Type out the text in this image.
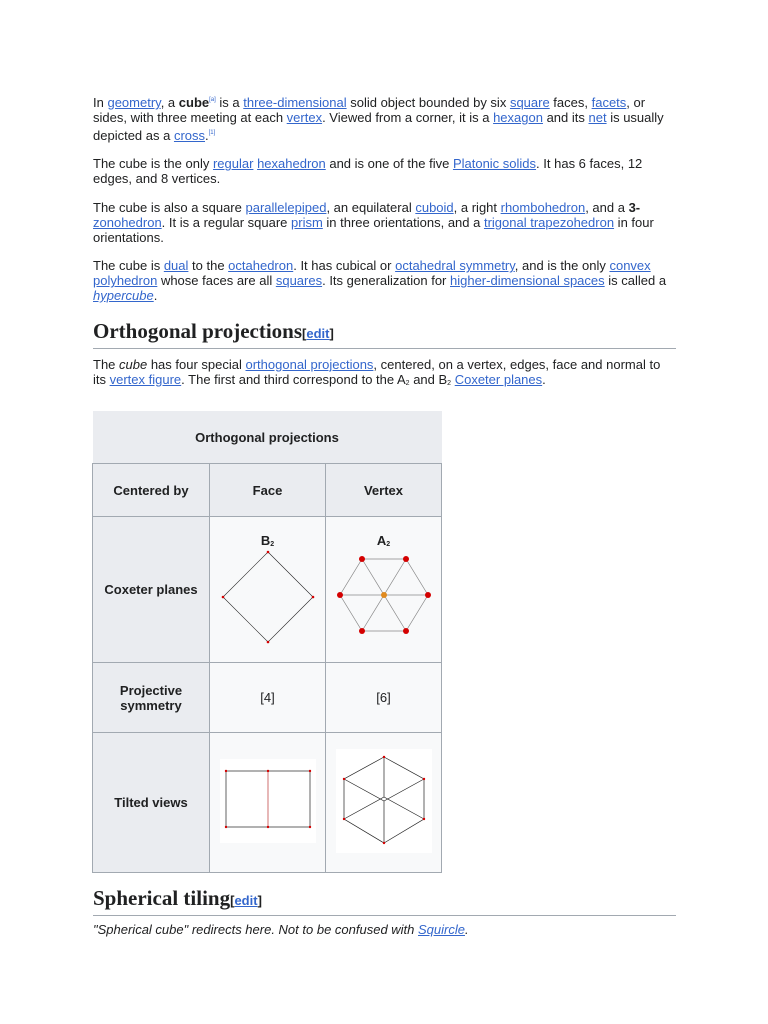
In geometry, a cube[a] is a three-dimensional solid object bounded by six square faces, facets, or sides, with three meeting at each vertex. Viewed from a corner, it is a hexagon and its net is usually depicted as a cross.[1]

The cube is the only regular hexahedron and is one of the five Platonic solids. It has 6 faces, 12 edges, and 8 vertices.

The cube is also a square parallelepiped, an equilateral cuboid, a right rhombohedron, and a 3-zonohedron. It is a regular square prism in three orientations, and a trigonal trapezohedron in four orientations.

The cube is dual to the octahedron. It has cubical or octahedral symmetry, and is the only convex polyhedron whose faces are all squares. Its generalization for higher-dimensional spaces is called a hypercube.

Orthogonal projections[edit]

The cube has four special orthogonal projections, centered, on a vertex, edges, face and normal to its vertex figure. The first and third correspond to the A2 and B2 Coxeter planes.

Orthogonal projections		
Centered by	Face	Vertex
Coxeter planes	B2	A2

Projective symmetry	[4]	[6]
Tilted views		
Spherical tiling[edit]

"Spherical cube" redirects here. Not to be confused with Squircle.
